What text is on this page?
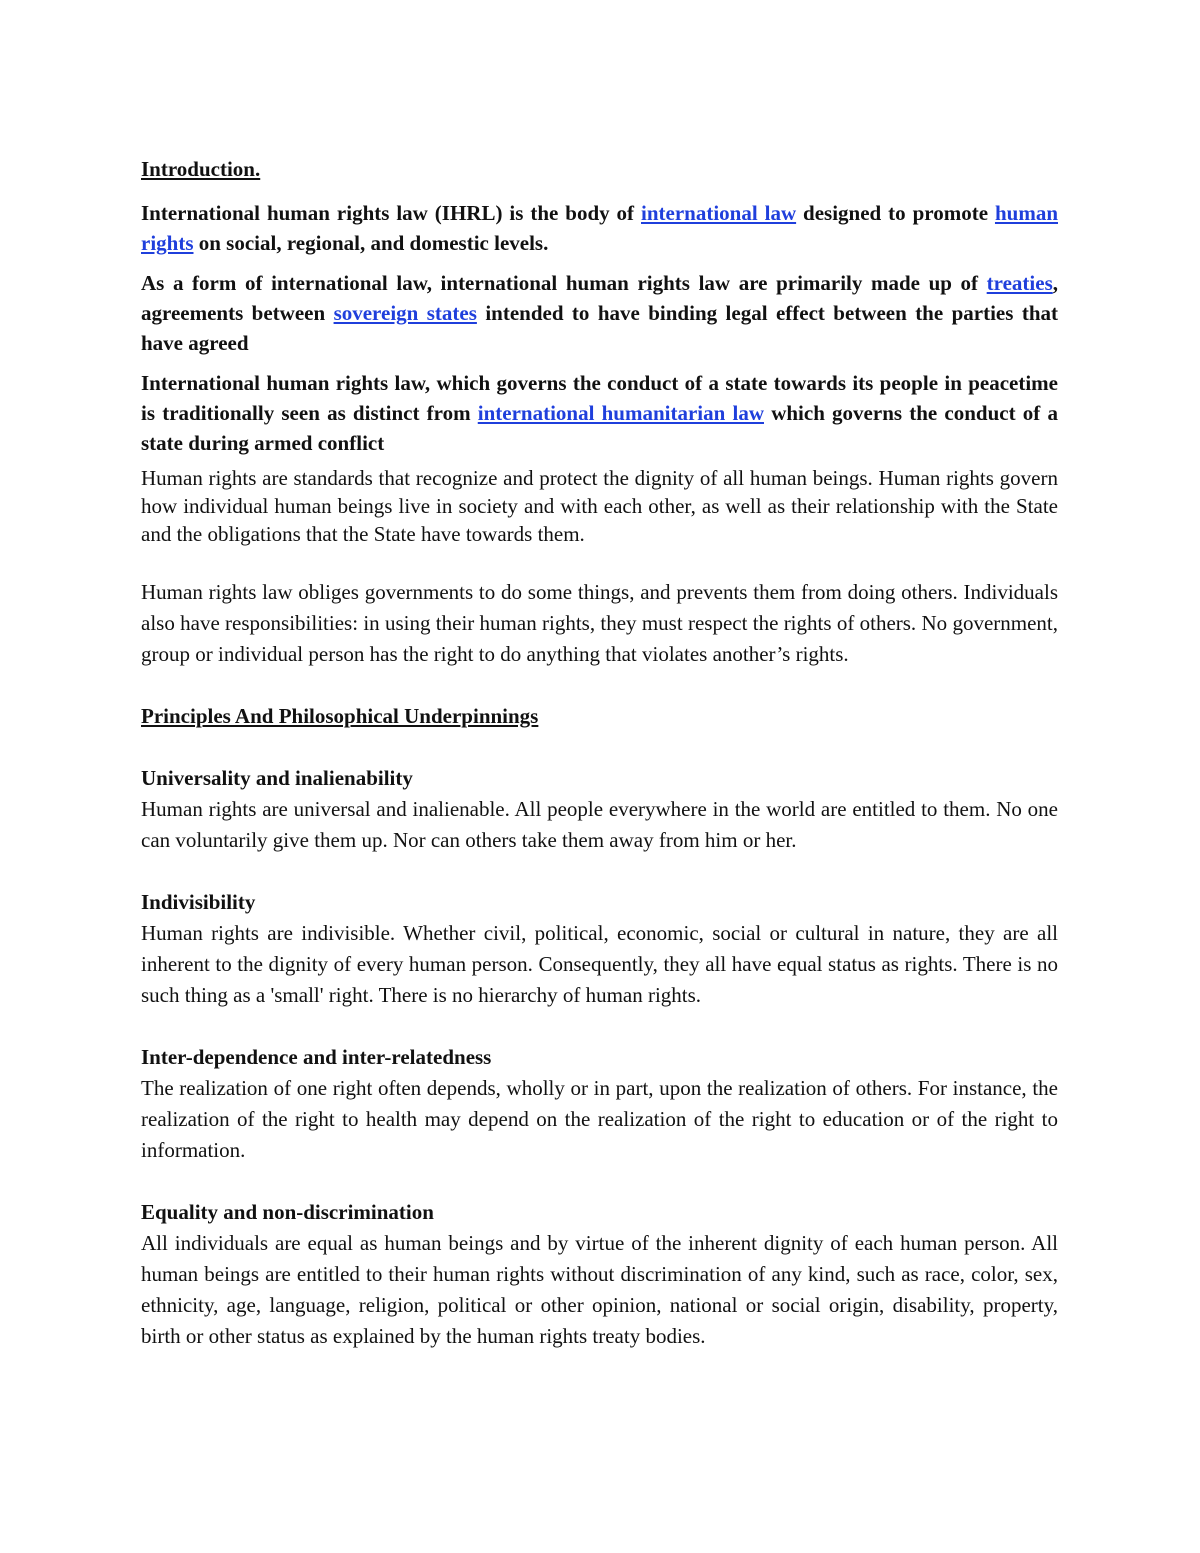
Introduction.

International human rights law (IHRL) is the body of international law designed to promote human rights on social, regional, and domestic levels.

As a form of international law, international human rights law are primarily made up of treaties, agreements between sovereign states intended to have binding legal effect between the parties that have agreed

International human rights law, which governs the conduct of a state towards its people in peacetime is traditionally seen as distinct from international humanitarian law which governs the conduct of a state during armed conflict

Human rights are standards that recognize and protect the dignity of all human beings. Human rights govern how individual human beings live in society and with each other, as well as their relationship with the State and the obligations that the State have towards them.

Human rights law obliges governments to do some things, and prevents them from doing others. Individuals also have responsibilities: in using their human rights, they must respect the rights of others. No government, group or individual person has the right to do anything that violates another’s rights.

Principles And Philosophical Underpinnings
Universality and inalienability

Human rights are universal and inalienable. All people everywhere in the world are entitled to them. No one can voluntarily give them up. Nor can others take them away from him or her.

Indivisibility

Human rights are indivisible. Whether civil, political, economic, social or cultural in nature, they are all inherent to the dignity of every human person. Consequently, they all have equal status as rights. There is no such thing as a 'small' right. There is no hierarchy of human rights.

Inter-dependence and inter-relatedness

The realization of one right often depends, wholly or in part, upon the realization of others. For instance, the realization of the right to health may depend on the realization of the right to education or of the right to information.

Equality and non-discrimination

All individuals are equal as human beings and by virtue of the inherent dignity of each human person. All human beings are entitled to their human rights without discrimination of any kind, such as race, color, sex, ethnicity, age, language, religion, political or other opinion, national or social origin, disability, property, birth or other status as explained by the human rights treaty bodies.
